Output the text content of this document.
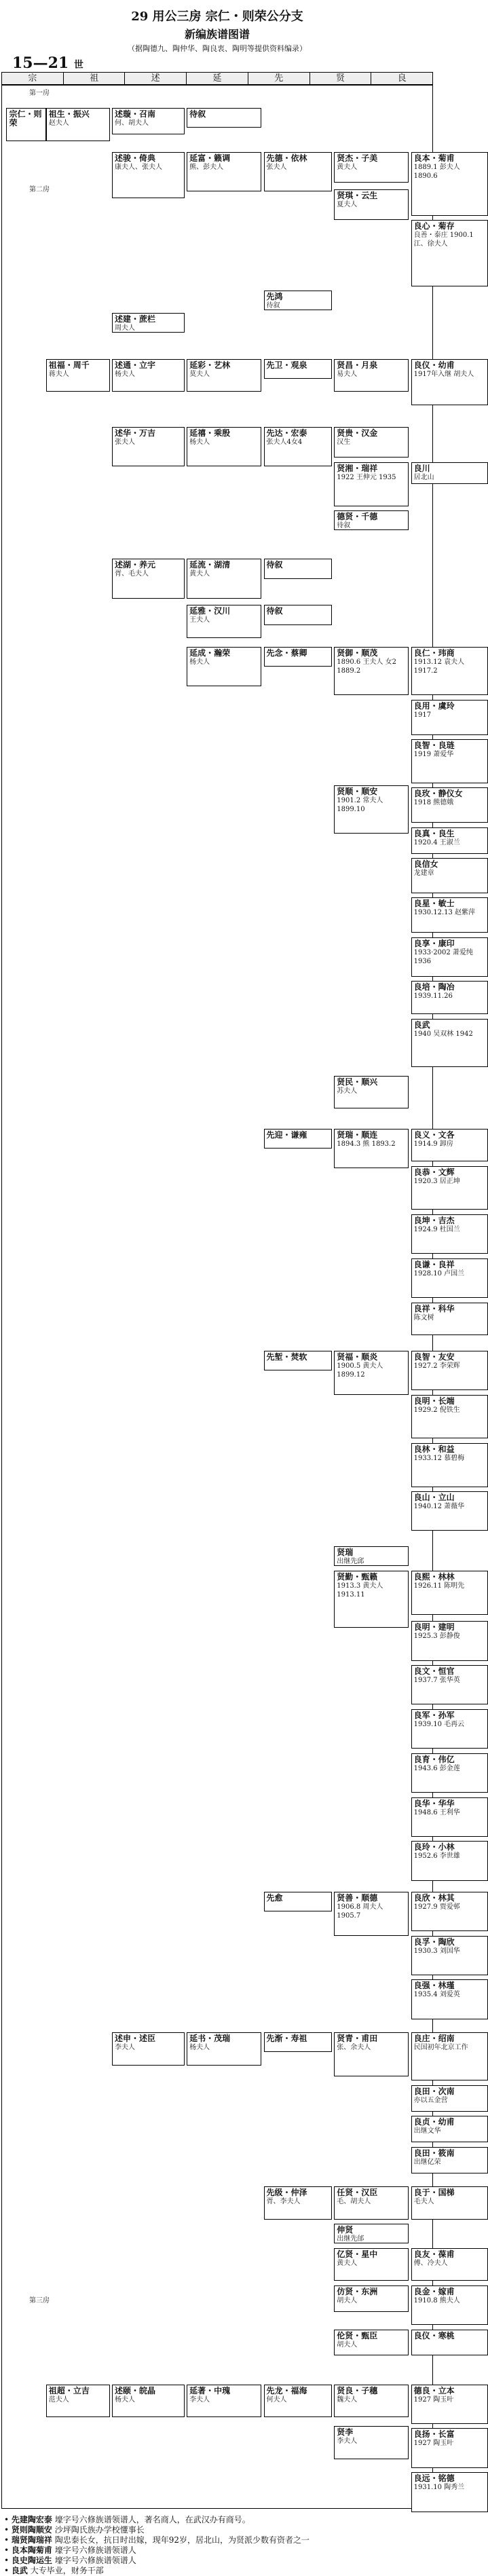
29 用公三房 宗仁・则荣公分支
新编族谱图谱
（据陶德九、陶仲华、陶良衷、陶明等提供资料编录）
15—21 世
宗	祖	述	延	先	贤	良
第一房
第二房
第三房
宗仁・则荣
祖生・振兴
赵夫人
述璇・召南
何、胡夫人
待叙
述骏・倚典
康夫人、张夫人
延富・籁调
熊、彭夫人
先德・依林
张夫人
贤杰・子美
黄夫人
良本・菊甫
1889.1 彭夫人 1890.6
贤琪・云生
夏夫人
良心・菊存
良善・泰庄 1900.1 江、徐夫人
先鸿
待叙
述建・蔗栏
周夫人
祖福・周千
蒋夫人
述通・立宇
杨夫人
延彩・艺林
莫夫人
先卫・观泉	贤昌・月泉
易夫人
良仪・幼甫
1917年入继 胡夫人
述华・万吉
张夫人
延禧・乘殷
杨夫人
先达・宏泰
张夫人4女4
贤贵・汉金
汉生
贤湘・瑞祥
1922 王伸元 1935
良川
居北山
德贤・千德
待叙
述湖・养元
胥、毛夫人
延流・湖清
黄夫人
待叙
延雅・汉川
王夫人
待叙
延成・瀚荣
杨夫人
先念・蔡卿	贤御・顺茂
1890.6 王夫人 女2 1889.2
良仁・玮商
1913.12 袁夫人 1917.2
良用・虞玲
1917
良智・良琏
1919 萧爱华
贤顺・顺安
1901.2 常夫人 1899.10
良玫・静仪女
1918 熊德娥
良真・良生
1920.4 王淑兰
良信女
龙建章
良星・敏士
1930.12.13 赵紫萍
良享・康印
1933·2002 萧爱纯 1936
良培・陶冶
1939.11.26
良武
1940 吴双林 1942
贤民・顺兴
苏夫人
先迎・谦雍	贤瑞・顺连
1894.3 熊 1893.2
良义・文各
1914.9 卸房
良恭・文辉
1920.3 居正坤
良坤・吉杰
1924.9 杜国兰
良谦・良祥
1928.10 卢国兰
良祥・科华
陈文树
先堑・焚软	贤福・顺炎
1900.5 黄夫人 1899.12
良智・友安
1927.2 李荣辉
良明・长端
1929.2 倪铁生
良林・和益
1933.12 慕碧梅
良山・立山
1940.12 萧薇华
贤瑞
出继先邱
贤勤・甄籁
1913.3 黄夫人 1913.11
良熙・林林
1926.11 陈明先
良明・建明
1925.3 彭静俊
良文・恒官
1937.7 张华英
良军・孙军
1939.10 毛再云
良育・伟亿
1943.6 彭金莲
良华・华华
1948.6 王利华
良玲・小林
1952.6 李世雄
先愈	贤善・顺德
1906.8 周夫人 1905.7
良欣・林其
1927.9 贾爱邨
良孚・陶欣
1930.3 刘国华
良强・林瑾
1935.4 刘爱英
述申・述臣
李夫人
延书・茂瑞
杨夫人
先渐・寿祖	贤青・甫田
张、余夫人
良庄・绍南
民国初年北京工作
良田・次南
亦以五金营
良贞・幼甫
出继文华
良田・筱南
出继亿荣
先级・仲泽
胥、李夫人
任贤・汉臣
毛、胡夫人
良于・国梯
毛夫人
伸贤
出继先邰
亿贤・星中
黄夫人
良友・葆甫
傅、冷夫人
仿贤・东洲
胡夫人
良金・嫁甫
1910.8 熊夫人
伦贤・甄臣
胡夫人
良仪・寒桃
祖超・立吉
范夫人
述颐・皖晶
杨夫人
延著・中瑰
李夫人
先龙・福海
何夫人
贤良・子穗
魏夫人
德良・立本
1927 陶玉叶
良扬・长富
1927 陶玉叶
贤李
李夫人
良远・铭德
1931.10 陶秀兰
• 先建陶宏泰 壕字号六修族谱领谱人，著名商人，在武汉办有商号。
• 贤则陶顺安 沙坪陶氏族办学校懂事长
• 瑞贤陶瑞祥 陶忠泰长女，抗日时出嫁，现年92岁，居北山，为贤派少数有资者之一
• 良本陶菊甫 壕字号六修族谱领谱人
• 良史陶运生 壕字号六修族谱领谱人
• 良武 大专毕业，财务干部
